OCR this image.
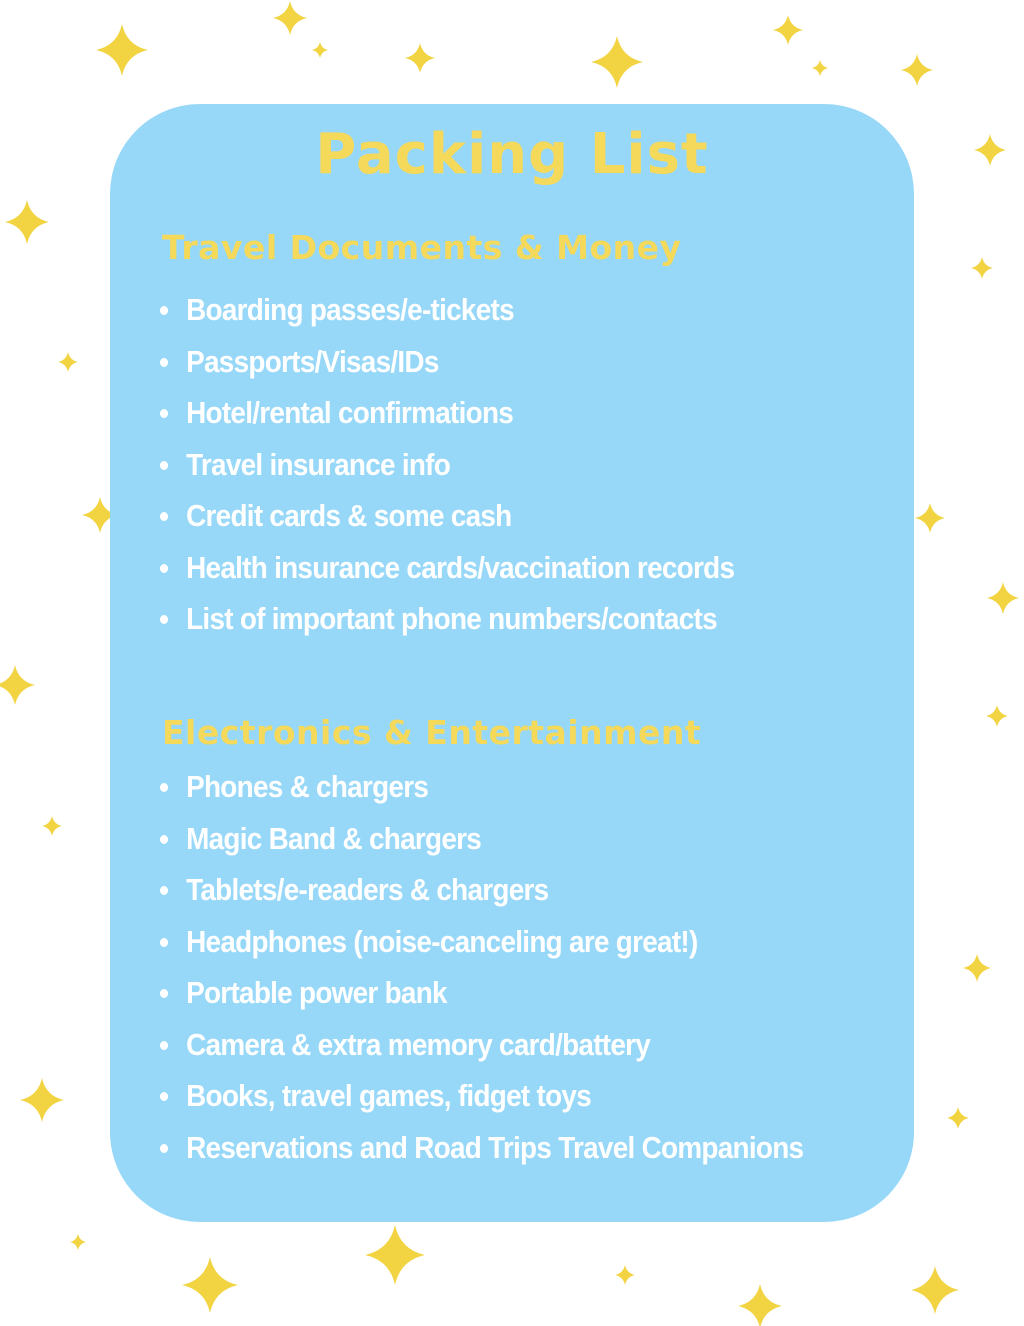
Packing List
Travel Documents & Money
Boarding passes/e-tickets
Passports/Visas/IDs
Hotel/rental confirmations
Travel insurance info
Credit cards & some cash
Health insurance cards/vaccination records
List of important phone numbers/contacts
Electronics & Entertainment
Phones & chargers
Magic Band & chargers
Tablets/e-readers & chargers
Headphones (noise-canceling are great!)
Portable power bank
Camera & extra memory card/battery
Books, travel games, fidget toys
Reservations and Road Trips Travel Companions
